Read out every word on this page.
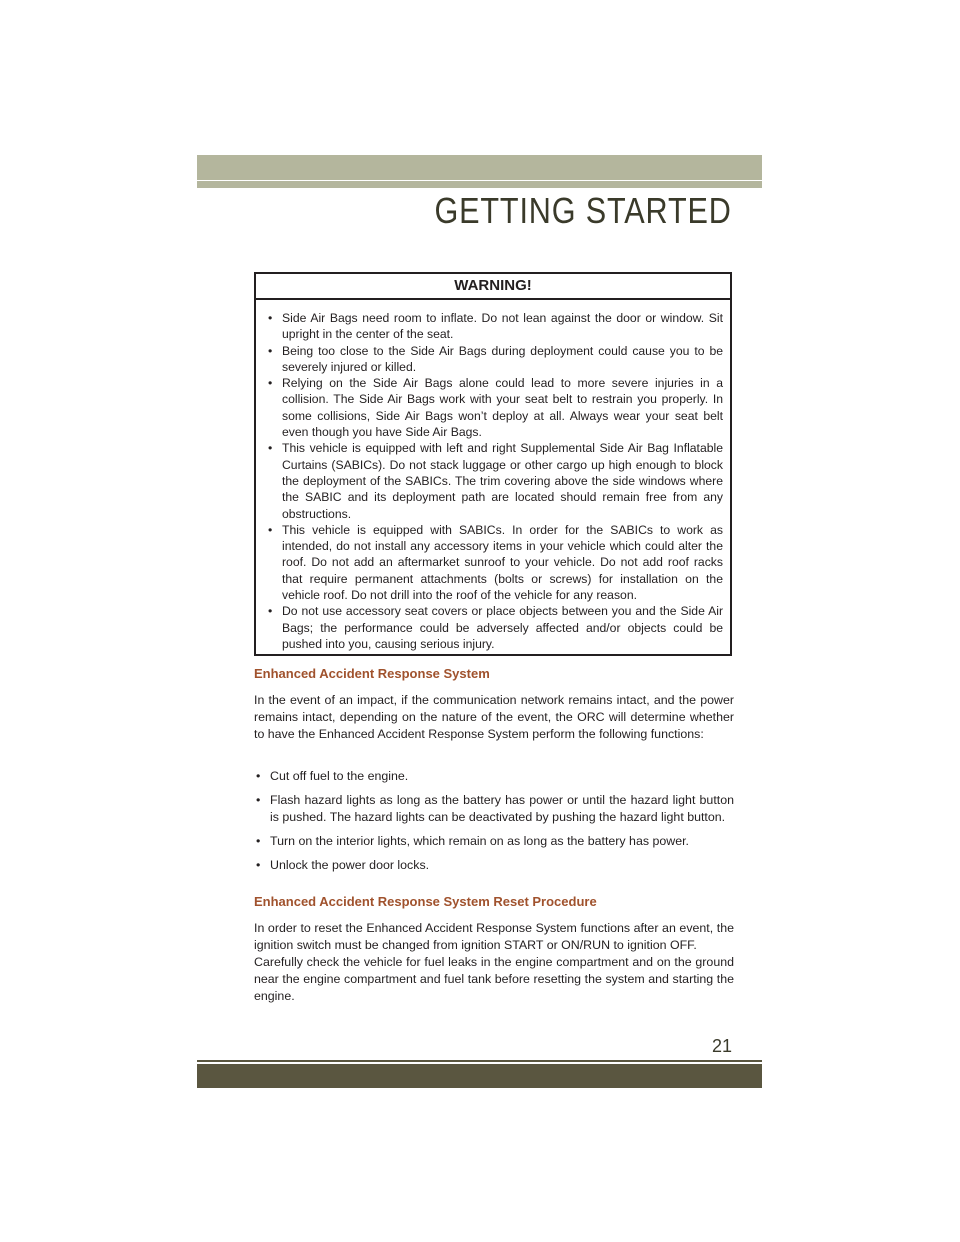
GETTING STARTED
WARNING!
• Side Air Bags need room to inflate. Do not lean against the door or window. Sit upright in the center of the seat.
• Being too close to the Side Air Bags during deployment could cause you to be severely injured or killed.
• Relying on the Side Air Bags alone could lead to more severe injuries in a collision. The Side Air Bags work with your seat belt to restrain you properly. In some collisions, Side Air Bags won’t deploy at all. Always wear your seat belt even though you have Side Air Bags.
• This vehicle is equipped with left and right Supplemental Side Air Bag Inflatable Curtains (SABICs). Do not stack luggage or other cargo up high enough to block the deployment of the SABICs. The trim covering above the side windows where the SABIC and its deployment path are located should remain free from any obstructions.
• This vehicle is equipped with SABICs. In order for the SABICs to work as intended, do not install any accessory items in your vehicle which could alter the roof. Do not add an aftermarket sunroof to your vehicle. Do not add roof racks that require permanent attachments (bolts or screws) for installation on the vehicle roof. Do not drill into the roof of the vehicle for any reason.
• Do not use accessory seat covers or place objects between you and the Side Air Bags; the performance could be adversely affected and/or objects could be pushed into you, causing serious injury.
Enhanced Accident Response System
In the event of an impact, if the communication network remains intact, and the power remains intact, depending on the nature of the event, the ORC will determine whether to have the Enhanced Accident Response System perform the following functions:
• Cut off fuel to the engine.
• Flash hazard lights as long as the battery has power or until the hazard light button is pushed. The hazard lights can be deactivated by pushing the hazard light button.
• Turn on the interior lights, which remain on as long as the battery has power.
• Unlock the power door locks.
Enhanced Accident Response System Reset Procedure
In order to reset the Enhanced Accident Response System functions after an event, the ignition switch must be changed from ignition START or ON/RUN to ignition OFF.
Carefully check the vehicle for fuel leaks in the engine compartment and on the ground near the engine compartment and fuel tank before resetting the system and starting the engine.
21
